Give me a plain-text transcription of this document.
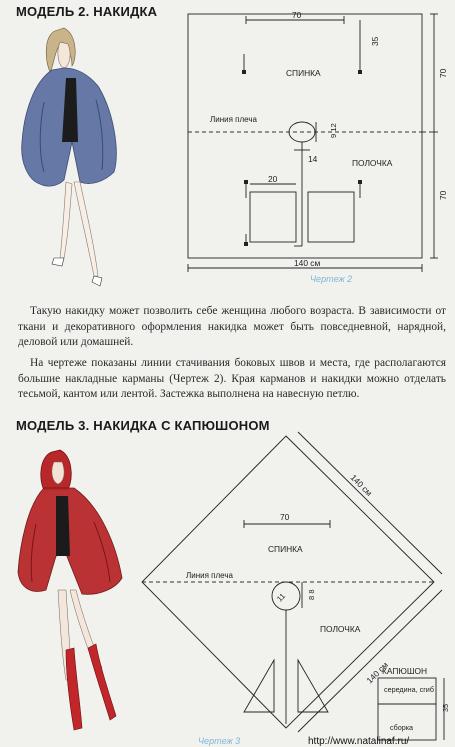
МОДЕЛЬ 2. НАКИДКА	70
35
70
70
СПИНКА
Линия плеча
9 12
14	ПОЛОЧКА
20
140 см
Чертеж 2
Такую накидку может позволить себе женщина любого возраста. В зависимости от ткани и декоративного оформления накидка может быть повседневной, нарядной, деловой или домашней.
На чертеже показаны линии стачивания боковых швов и места, где располагаются большие накладные карманы (Чертеж 2). Края карманов и накидки можно отделать тесьмой, кантом или лентой. Застежка выполнена на навесную петлю.
МОДЕЛЬ 3. НАКИДКА С КАПЮШОНОМ
140 см
140 см
70
СПИНКА
Линия плеча
8 8
11
ПОЛОЧКА
КАПЮШОН
середина, сгиб
сборка
35
Чертеж 3	http://www.natalinaf.ru/
